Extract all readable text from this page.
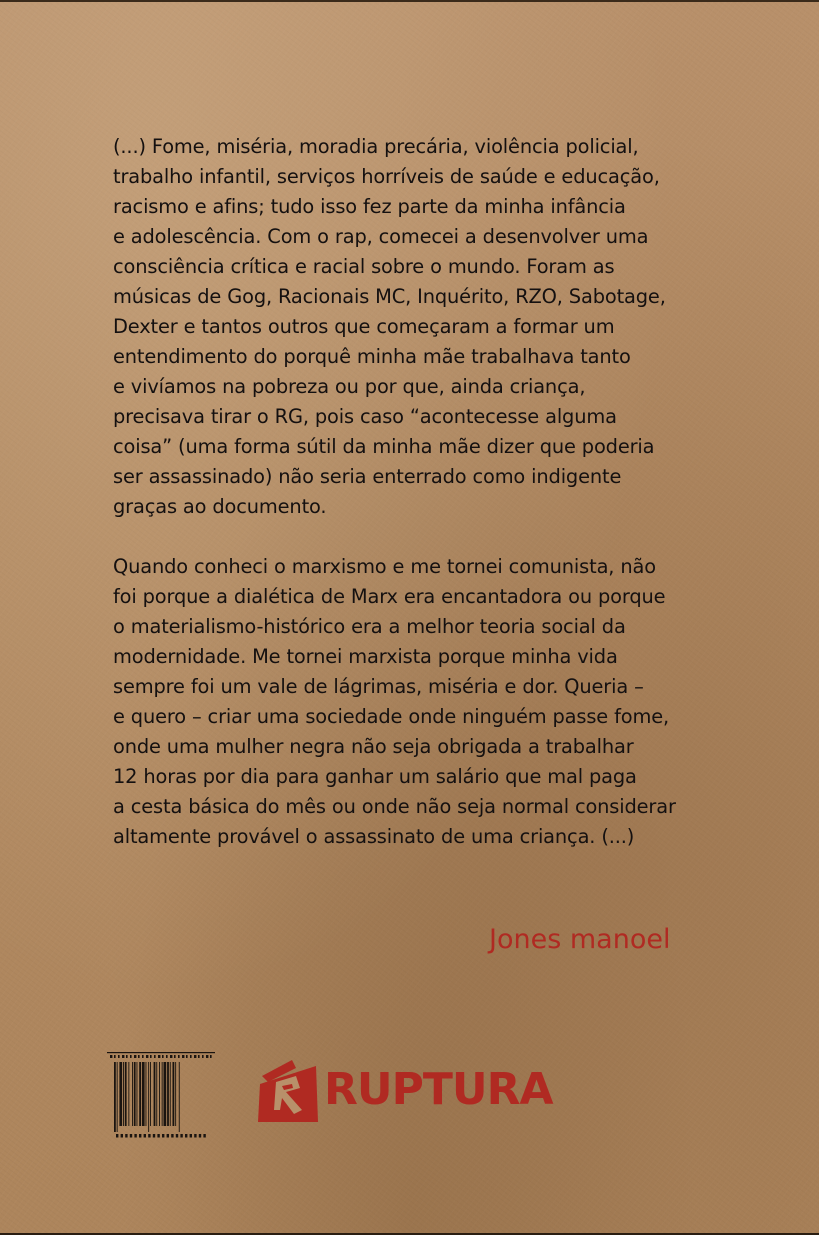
(...) Fome, miséria, moradia precária, violência policial,
trabalho infantil, serviços horríveis de saúde e educação,
racismo e afins; tudo isso fez parte da minha infância
e adolescência. Com o rap, comecei a desenvolver uma
consciência crítica e racial sobre o mundo. Foram as
músicas de Gog, Racionais MC, Inquérito, RZO, Sabotage,
Dexter e tantos outros que começaram a formar um
entendimento do porquê minha mãe trabalhava tanto
e vivíamos na pobreza ou por que, ainda criança,
precisava tirar o RG, pois caso “acontecesse alguma
coisa” (uma forma sútil da minha mãe dizer que poderia
ser assassinado) não seria enterrado como indigente
graças ao documento.

Quando conheci o marxismo e me tornei comunista, não
foi porque a dialética de Marx era encantadora ou porque
o materialismo-histórico era a melhor teoria social da
modernidade. Me tornei marxista porque minha vida
sempre foi um vale de lágrimas, miséria e dor. Queria –
e quero – criar uma sociedade onde ninguém passe fome,
onde uma mulher negra não seja obrigada a trabalhar
12 horas por dia para ganhar um salário que mal paga
a cesta básica do mês ou onde não seja normal considerar
altamente provável o assassinato de uma criança. (...)

Jones manoel
RUPTURA
